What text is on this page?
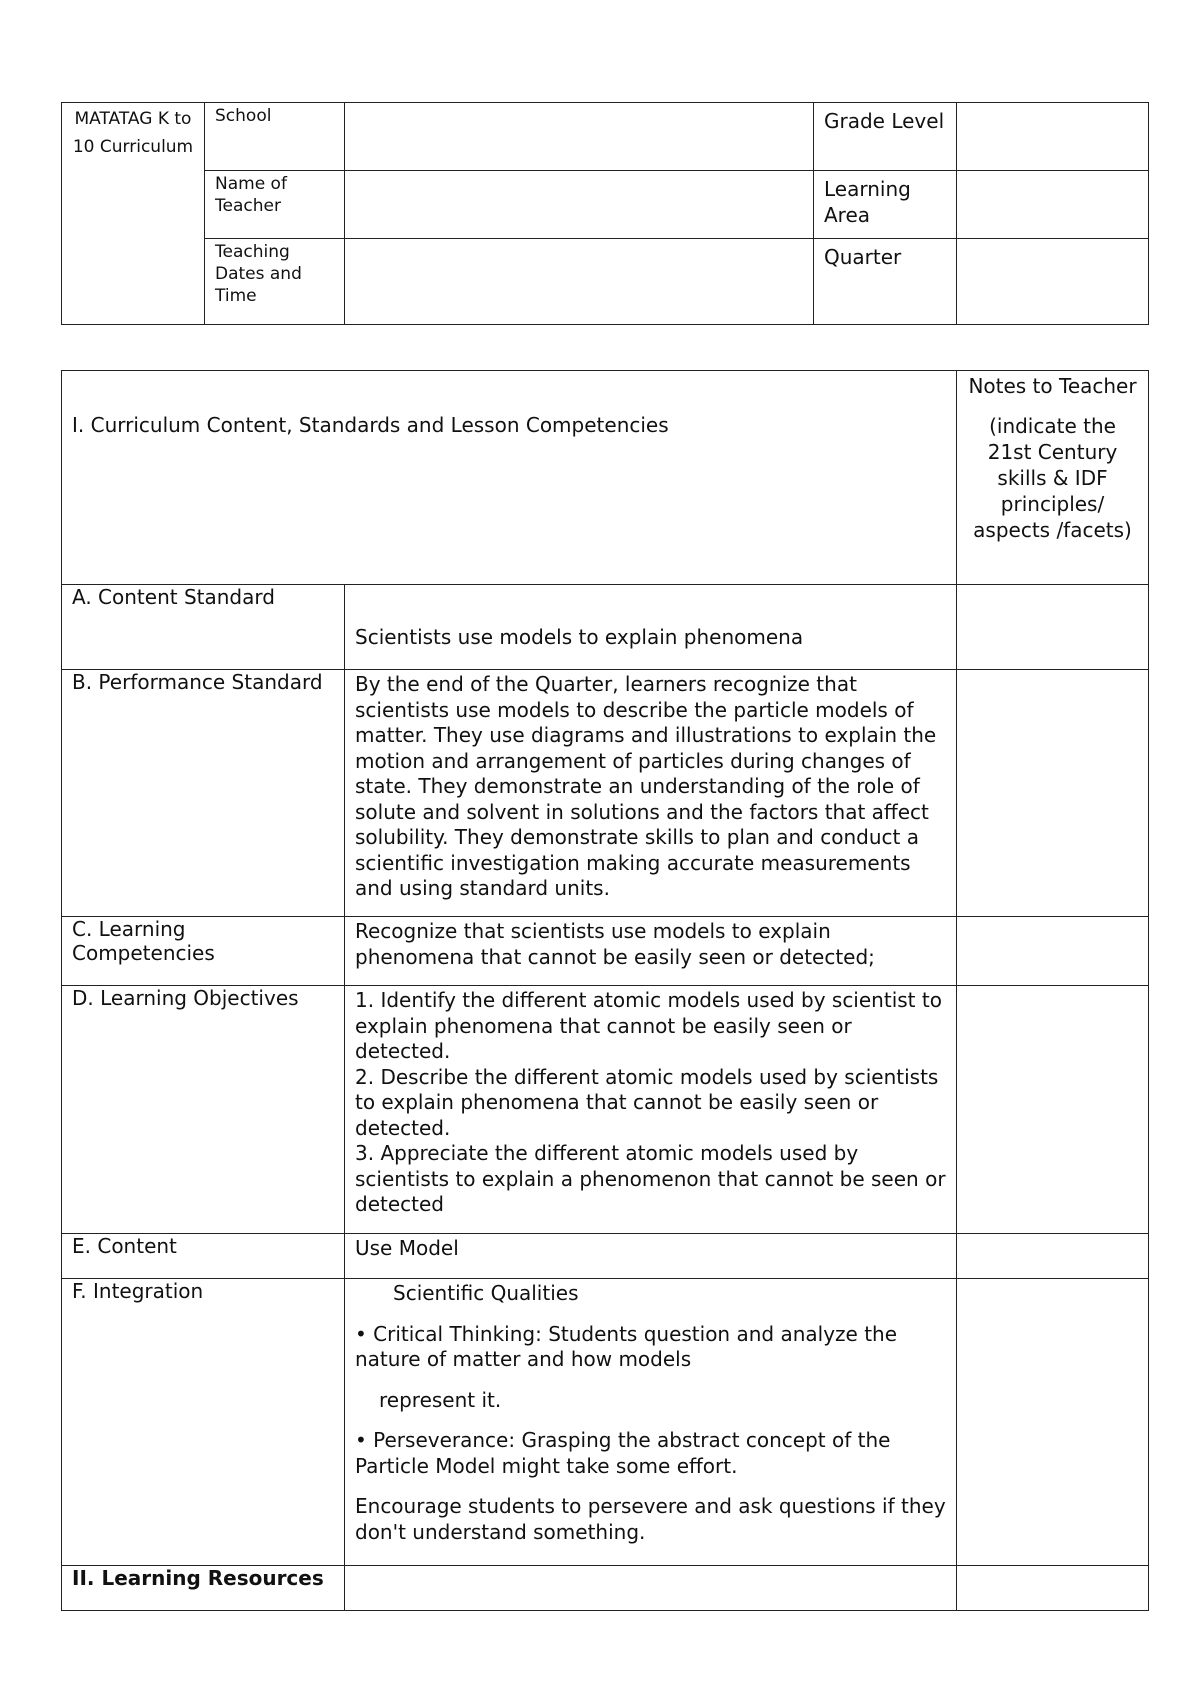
MATATAG K to 10 Curriculum	School		Grade Level	
	Name of Teacher		Learning Area	
	Teaching Dates and Time		Quarter	
I. Curriculum Content, Standards and Lesson Competencies		Notes to Teacher

(indicate the 21st Century skills & IDF principles/ aspects /facets)

A. Content Standard	Scientists use models to explain phenomena	
B. Performance Standard	By the end of the Quarter, learners recognize that scientists use models to describe the particle models of matter. They use diagrams and illustrations to explain the motion and arrangement of particles during changes of state. They demonstrate an understanding of the role of solute and solvent in solutions and the factors that affect solubility. They demonstrate skills to plan and conduct a scientific investigation making accurate measurements and using standard units.	
C. Learning Competencies	Recognize that scientists use models to explain phenomena that cannot be easily seen or detected;	
D. Learning Objectives	1. Identify the different atomic models used by scientist to explain phenomena that cannot be easily seen or detected.

2. Describe the different atomic models used by scientists to explain phenomena that cannot be easily seen or detected.

3. Appreciate the different atomic models used by scientists to explain a phenomenon that cannot be seen or detected	

E. Content	Use Model	
F. Integration	Scientific Qualities

• Critical Thinking: Students question and analyze the nature of matter and how models

represent it.

• Perseverance: Grasping the abstract concept of the Particle Model might take some effort.

Encourage students to persevere and ask questions if they don't understand something.	

II. Learning Resources		
